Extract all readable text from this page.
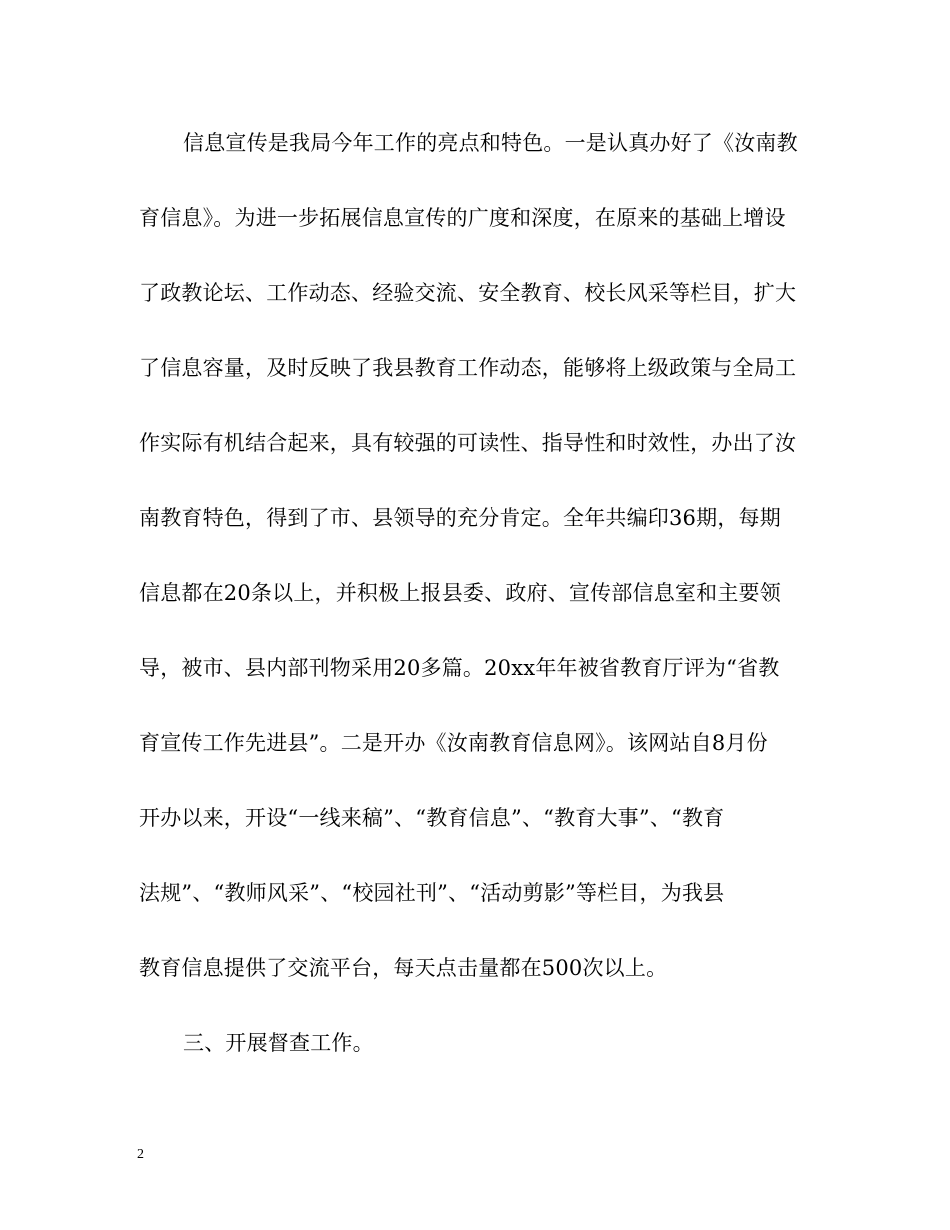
信息宣传是我局今年工作的亮点和特色。一是认真办好了《汝南教
育信息》。为进一步拓展信息宣传的广度和深度，在原来的基础上增设
了政教论坛、工作动态、经验交流、安全教育、校长风采等栏目，扩大
了信息容量，及时反映了我县教育工作动态，能够将上级政策与全局工
作实际有机结合起来，具有较强的可读性、指导性和时效性，办出了汝
南教育特色，得到了市、县领导的充分肯定。全年共编印36期，每期
信息都在20条以上，并积极上报县委、政府、宣传部信息室和主要领
导，被市、县内部刊物采用20多篇。20xx年年被省教育厅评为“省教
育宣传工作先进县”。二是开办《汝南教育信息网》。该网站自8月份
开办以来，开设“一线来稿”、“教育信息”、“教育大事”、“教育
法规”、“教师风采”、“校园社刊”、“活动剪影”等栏目，为我县
教育信息提供了交流平台，每天点击量都在500次以上。
三、开展督查工作。
2
